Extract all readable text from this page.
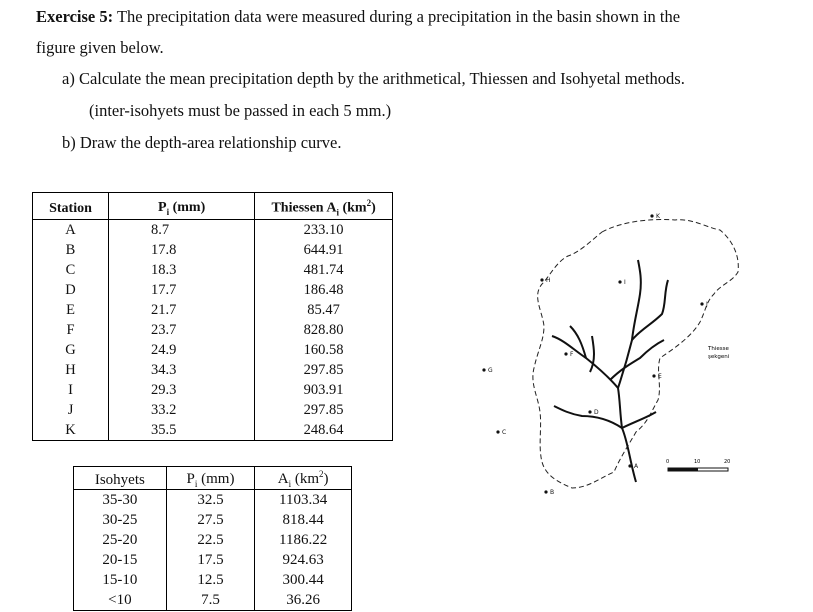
Exercise 5: The precipitation data were measured during a precipitation in the basin shown in the
figure given below.
a) Calculate the mean precipitation depth by the arithmetical, Thiessen and Isohyetal methods.
(inter-isohyets must be passed in each 5 mm.)
b) Draw the depth-area relationship curve.
Station	$P_i$ (mm)	Thiessen $A_i$ $(km^2)$
A	8.7	233.10
B	17.8	644.91
C	18.3	481.74
D	17.7	186.48
E	21.7	85.47
F	23.7	828.80
G	24.9	160.58
H	34.3	297.85
I	29.3	903.91
J	33.2	297.85
K	35.5	248.64
Isohyets	$P_i$ (mm)	$A_i$ $(km^2)$
35-30	32.5	1103.34
30-25	27.5	818.44
25-20	22.5	1186.22
20-15	17.5	924.63
15-10	12.5	300.44
<10	7.5	36.26
K
J
H	I
G
C
F
E
D
A
B
Thiesse
şekgeni
0	10	20
